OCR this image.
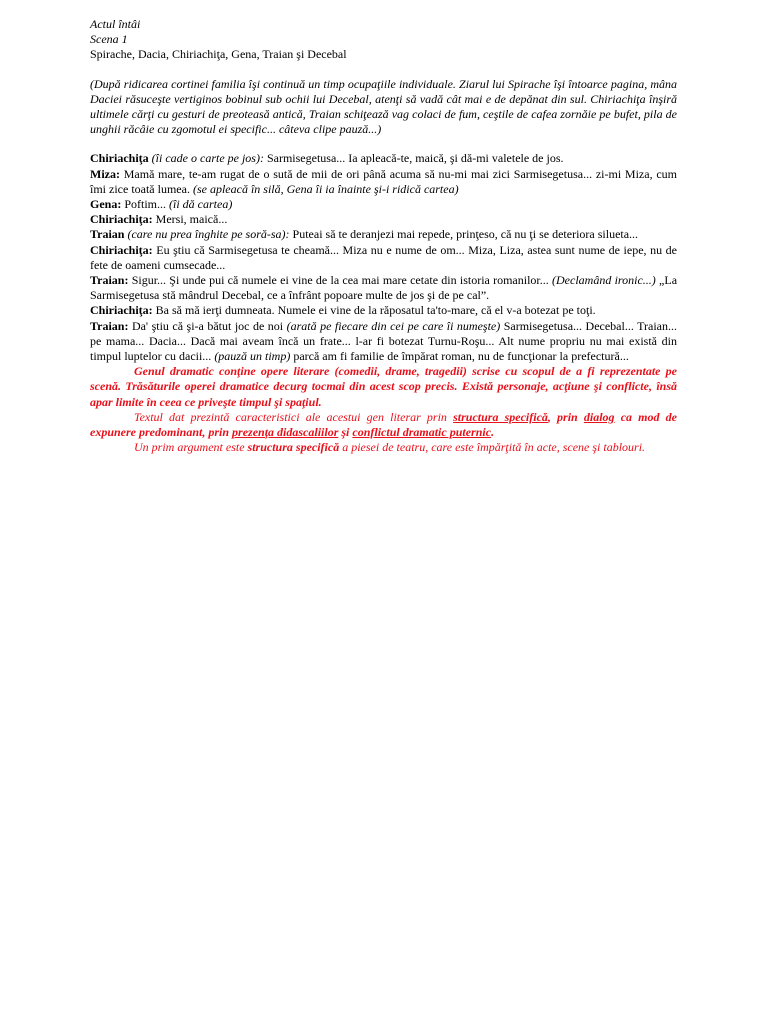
Actul întâi
Scena 1
Spirache, Dacia, Chiriachiţa, Gena, Traian şi Decebal

(După ridicarea cortinei familia îşi continuă un timp ocupaţiile individuale. Ziarul lui Spirache îşi întoarce pagina, mâna Daciei răsuceşte vertiginos bobinul sub ochii lui Decebal, atenţi să vadă cât mai e de depănat din sul. Chiriachiţa înşiră ultimele cărţi cu gesturi de preoteasă antică, Traian schiţează vag colaci de fum, ceştile de cafea zornăie pe bufet, pila de unghii răcâie cu zgomotul ei specific... câteva clipe pauză...)

Chiriachiţa (îi cade o carte pe jos): Sarmisegetusa... Ia apleacă-te, maică, şi dă-mi valetele de jos.

Miza: Mamă mare, te-am rugat de o sută de mii de ori până acuma să nu-mi mai zici Sarmisegetusa... zi-mi Miza, cum îmi zice toată lumea. (se apleacă în silă, Gena îi ia înainte şi-i ridică cartea)

Gena: Poftim... (îi dă cartea)

Chiriachiţa: Mersi, maică...

Traian (care nu prea înghite pe soră-sa): Puteai să te deranjezi mai repede, prinţeso, că nu ţi se deteriora silueta...

Chiriachiţa: Eu ştiu că Sarmisegetusa te cheamă... Miza nu e nume de om... Miza, Liza, astea sunt nume de iepe, nu de fete de oameni cumsecade...

Traian: Sigur... Şi unde pui că numele ei vine de la cea mai mare cetate din istoria romanilor... (Declamând ironic...) „La Sarmisegetusa stă mândrul Decebal, ce a înfrânt popoare multe de jos şi de pe cal”.

Chiriachiţa: Ba să mă ierţi dumneata. Numele ei vine de la răposatul ta'to-mare, că el v-a botezat pe toţi.

Traian: Da' ştiu că şi-a bătut joc de noi (arată pe fiecare din cei pe care îi numeşte) Sarmisegetusa... Decebal... Traian... pe mama... Dacia... Dacă mai aveam încă un frate... l-ar fi botezat Turnu-Roşu... Alt nume propriu nu mai există din timpul luptelor cu dacii... (pauză un timp) parcă am fi familie de împărat roman, nu de funcţionar la prefectură...

Genul dramatic conţine opere literare (comedii, drame, tragedii) scrise cu scopul de a fi reprezentate pe scenă. Trăsăturile operei dramatice decurg tocmai din acest scop precis. Există personaje, acţiune şi conflicte, însă apar limite în ceea ce priveşte timpul şi spaţiul.

Textul dat prezintă caracteristici ale acestui gen literar prin structura specifică, prin dialog ca mod de expunere predominant, prin prezenţa didascaliilor şi conflictul dramatic puternic.

Un prim argument este structura specifică a piesei de teatru, care este împărţită în acte, scene şi tablouri.
